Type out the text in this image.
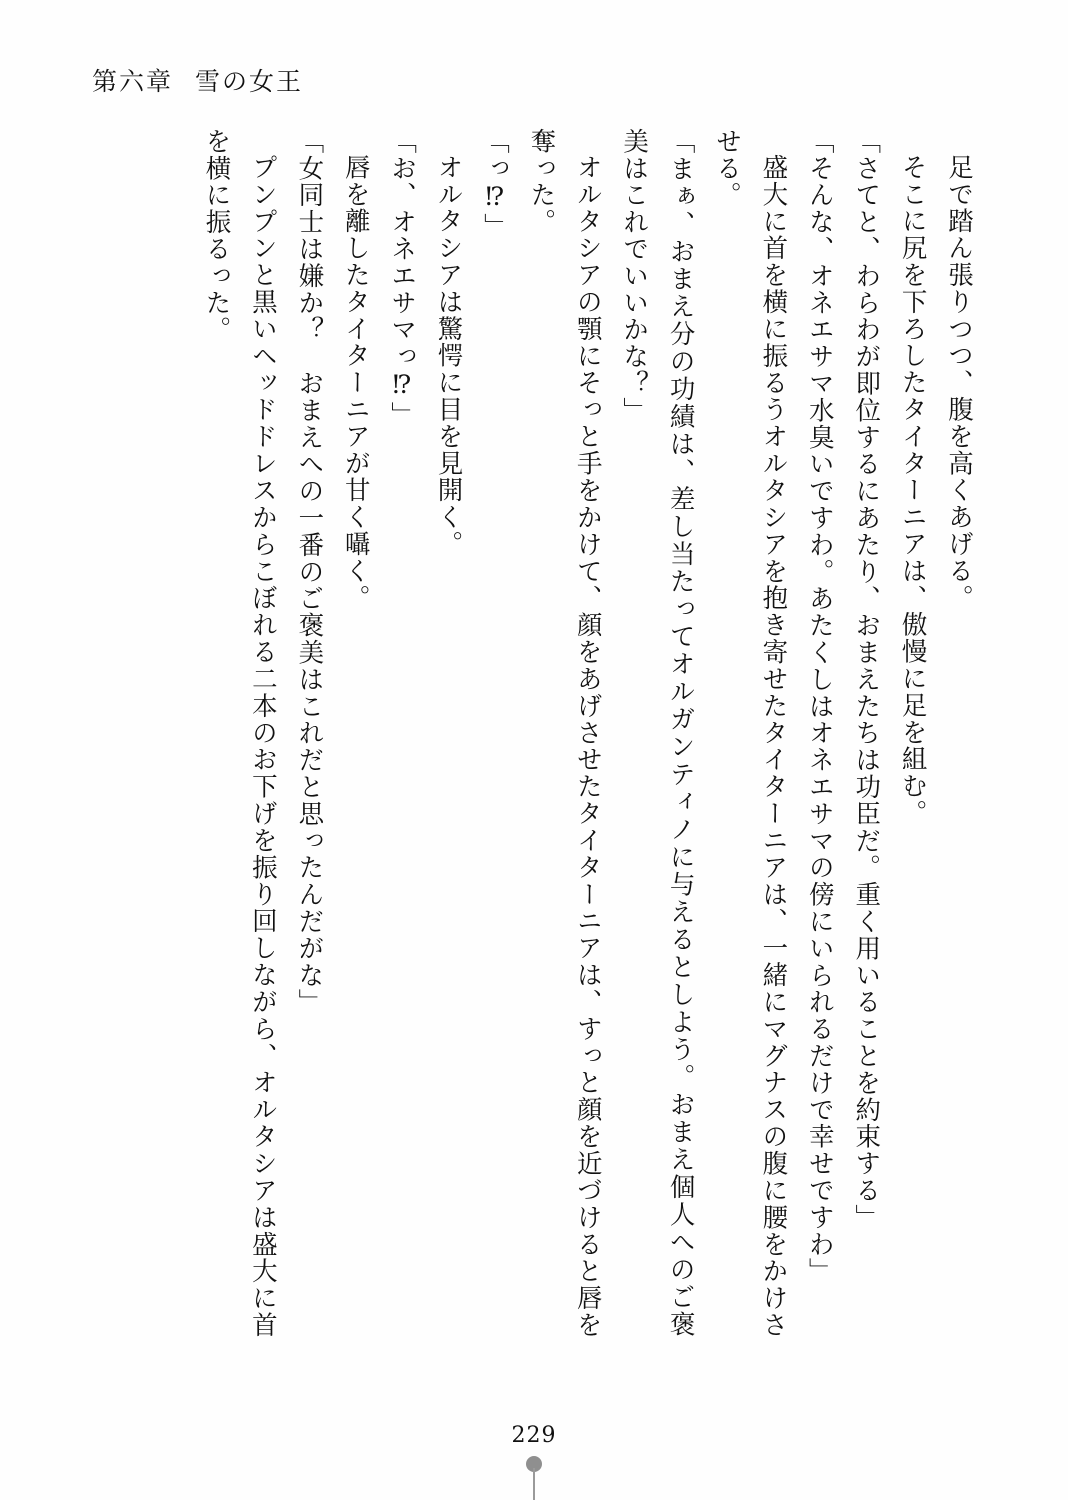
第六章 雪の女王

足で踏ん張りつつ、腹を高くあげる。

そこに尻を下ろしたタイターニアは、傲慢に足を組む。

「さてと、わらわが即位するにあたり、おまえたちは功臣だ。重く用いることを約束する」

「そんな、オネエサマ水臭いですわ。あたくしはオネエサマの傍にいられるだけで幸せですわ」

盛大に首を横に振るうオルタシアを抱き寄せたタイターニアは、一緒にマグナスの腹に腰をかけさせる。

「まぁ、おまえ分の功績は、差し当たってオルガンティノに与えるとしよう。おまえ個人へのご褒美はこれでいいかな？」

オルタシアの顎にそっと手をかけて、顔をあげさせたタイターニアは、すっと顔を近づけると唇を奪った。

「っ⁉」

オルタシアは驚愕に目を見開く。

「お、オネエサマっ⁉」

唇を離したタイターニアが甘く囁く。

「女同士は嫌か？　おまえへの一番のご褒美はこれだと思ったんだがな」

プンプンと黒いヘッドドレスからこぼれる二本のお下げを振り回しながら、オルタシアは盛大に首を横に振るった。

229
